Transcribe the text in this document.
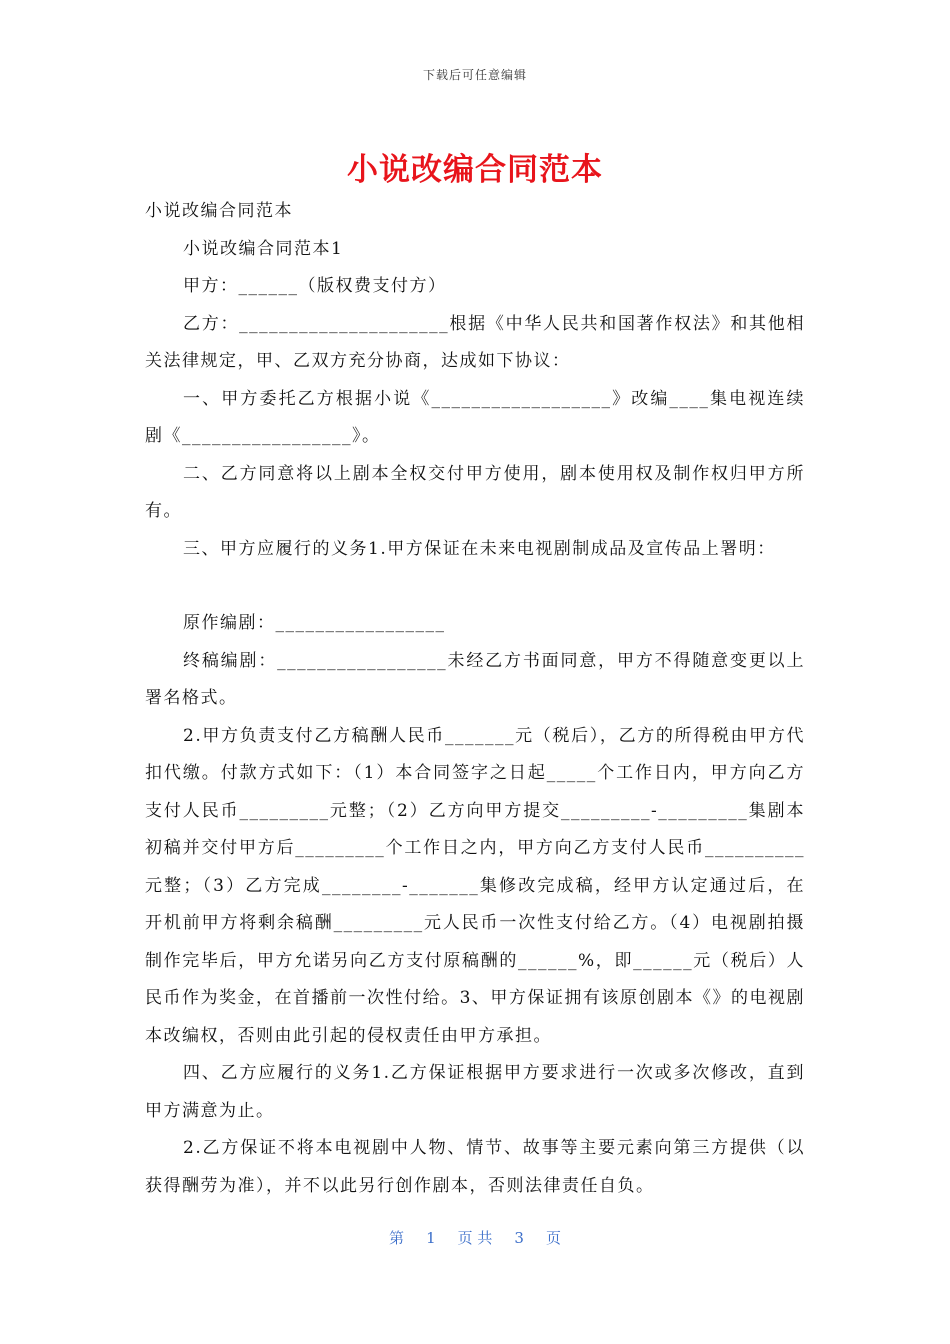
下载后可任意编辑
小说改编合同范本

小说改编合同范本

小说改编合同范本1

甲方：______（版权费支付方）

乙方：_____________________根据《中华人民共和国著作权法》和其他相关法律规定，甲、乙双方充分协商，达成如下协议：

一、甲方委托乙方根据小说《__________________》改编____集电视连续剧《_________________》。

二、乙方同意将以上剧本全权交付甲方使用，剧本使用权及制作权归甲方所有。

三、甲方应履行的义务1.甲方保证在未来电视剧制成品及宣传品上署明：

原作编剧：_________________

终稿编剧：_________________未经乙方书面同意，甲方不得随意变更以上署名格式。

2.甲方负责支付乙方稿酬人民币_______元（税后），乙方的所得税由甲方代扣代缴。付款方式如下：（1）本合同签字之日起_____个工作日内，甲方向乙方支付人民币_________元整；（2）乙方向甲方提交_________-_________集剧本初稿并交付甲方后_________个工作日之内，甲方向乙方支付人民币__________元整；（3）乙方完成________-_______集修改完成稿，经甲方认定通过后，在开机前甲方将剩余稿酬_________元人民币一次性支付给乙方。（4）电视剧拍摄制作完毕后，甲方允诺另向乙方支付原稿酬的______%，即______元（税后）人民币作为奖金，在首播前一次性付给。3、甲方保证拥有该原创剧本《》的电视剧本改编权，否则由此引起的侵权责任由甲方承担。

四、乙方应履行的义务1.乙方保证根据甲方要求进行一次或多次修改，直到甲方满意为止。

2.乙方保证不将本电视剧中人物、情节、故事等主要元素向第三方提供（以获得酬劳为准），并不以此另行创作剧本，否则法律责任自负。

第 1 页 共 3 页
